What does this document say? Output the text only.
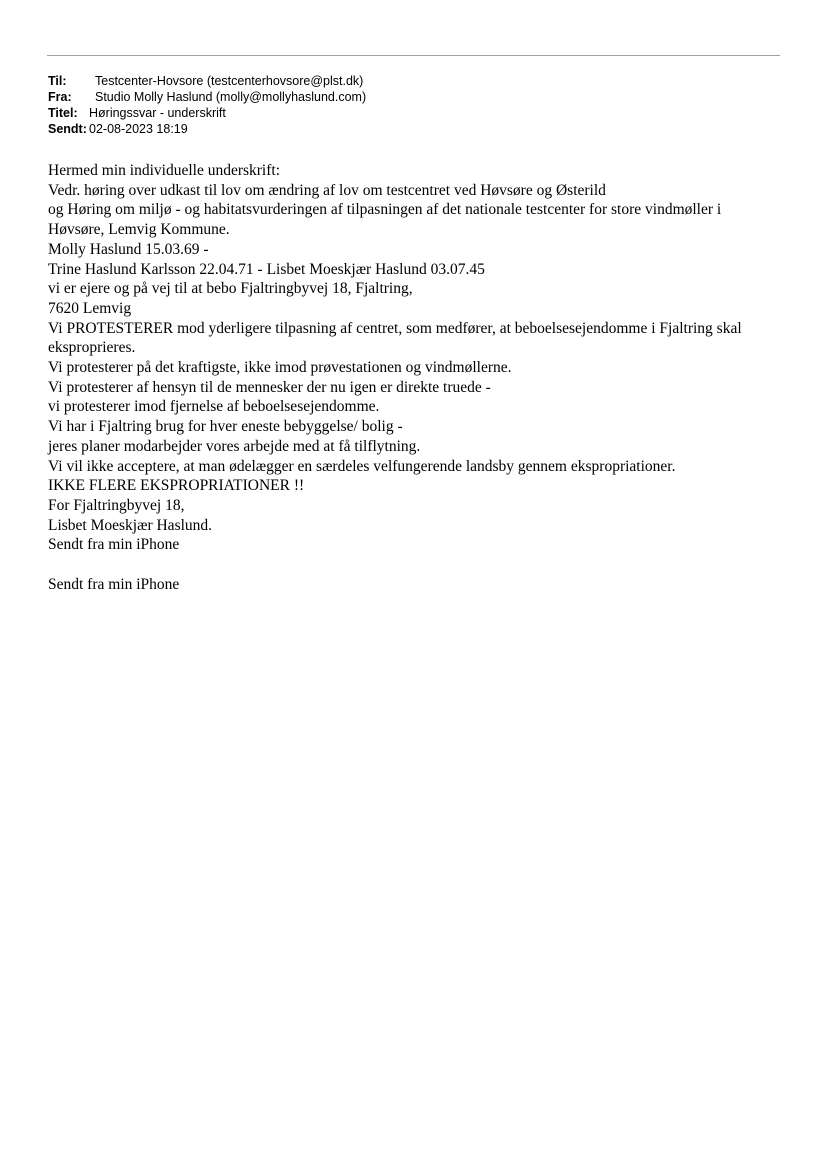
Til:	Testcenter-Hovsore (testcenterhovsore@plst.dk)
Fra:	Studio Molly Haslund (molly@mollyhaslund.com)
Titel: Høringssvar - underskrift
Sendt: 02-08-2023 18:19
Hermed min individuelle underskrift:
Vedr. høring over udkast til lov om ændring af lov om testcentret ved Høvsøre og Østerild
og Høring om miljø - og habitatsvurderingen af tilpasningen af det nationale testcenter for store vindmøller i Høvsøre, Lemvig Kommune.
Molly Haslund 15.03.69 -
Trine Haslund Karlsson 22.04.71 - Lisbet Moeskjær Haslund 03.07.45
vi er ejere og på vej til at bebo Fjaltringbyvej 18, Fjaltring,
7620 Lemvig
Vi PROTESTERER mod yderligere tilpasning af centret, som medfører, at beboelsesejendomme i Fjaltring skal eksproprieres.
Vi protesterer på det kraftigste, ikke imod prøvestationen og vindmøllerne.
Vi protesterer af hensyn til de mennesker der nu igen er direkte truede -
vi protesterer imod fjernelse af beboelsesejendomme.
Vi har i Fjaltring brug for hver eneste bebyggelse/ bolig -
jeres planer modarbejder vores arbejde med at få tilflytning.
Vi vil ikke acceptere, at man ødelægger en særdeles velfungerende landsby gennem ekspropriationer.
IKKE FLERE EKSPROPRIATIONER !!
For Fjaltringbyvej 18,
Lisbet Moeskjær Haslund.
Sendt fra min iPhone
Sendt fra min iPhone
